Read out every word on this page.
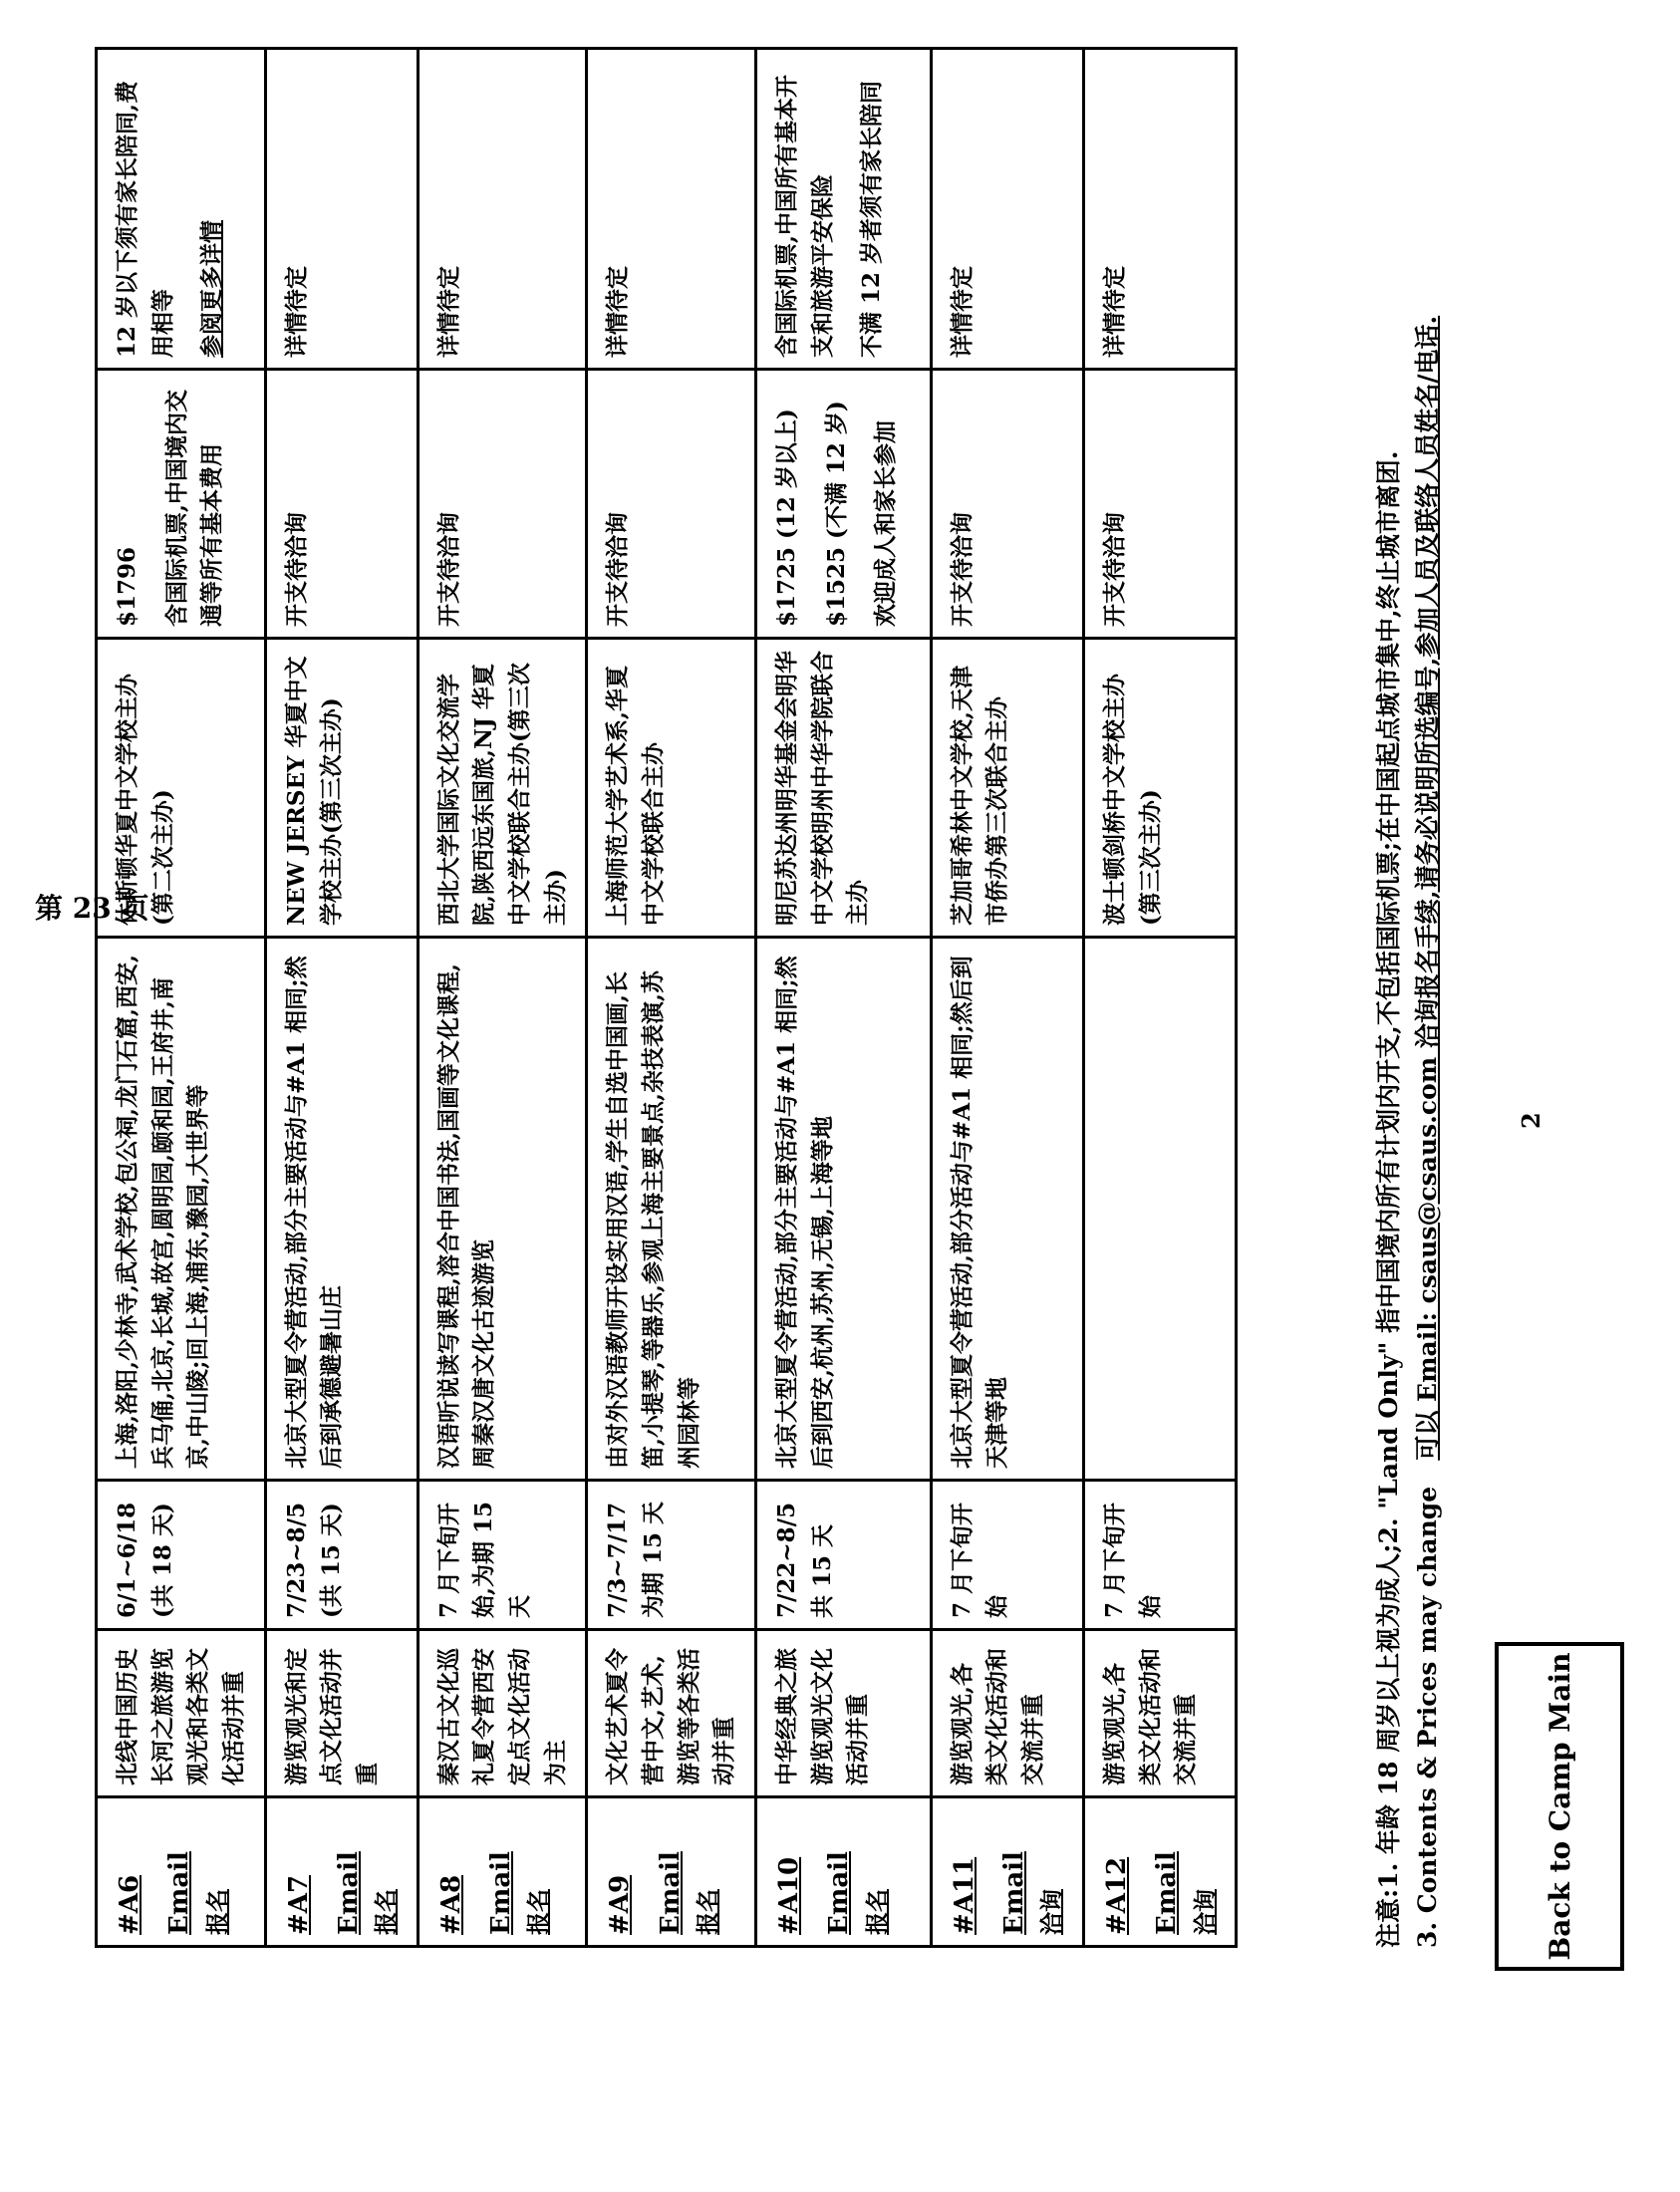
#A6 Email 报名	北线中国历史长河之旅游览观光和各类文化活动并重	6/1~6/18 (共 18 天)	上海,洛阳,少林寺,武术学校,包公祠,龙门石窟,西安,兵马俑,北京,长城,故宫,圆明园,颐和园,王府井,南京,中山陵;回上海,浦东,豫园,大世界等	休斯顿华夏中文学校主办(第二次主办)	$1796 含国际机票,中国境内交通等所有基本费用	12 岁以下须有家长陪同,费用相等 参阅更多详情

#A7 Email 报名	游览观光和定点文化活动并重	7/23~8/5 (共 15 天)	北京大型夏令营活动,部分主要活动与#A1 相同;然后到承德避暑山庄	NEW JERSEY 华夏中文学校主办(第三次主办)	开支待洽询	详情待定

#A8 Email 报名	秦汉古文化巡礼夏令营西安定点文化活动为主	7 月下旬开始,为期 15 天	汉语听说读写课程,溶合中国书法,国画等文化课程,周秦汉唐文化古迹游览	西北大学国际文化交流学院,陕西远东国旅,NJ 华夏中文学校联合主办(第三次主办)	开支待洽询	详情待定

#A9 Email 报名	文化艺术夏令营中文,艺术,游览等各类活动并重	7/3~7/17 为期 15 天	由对外汉语教师开设实用汉语,学生自选中国画,长笛,小提琴,等器乐,参观上海主要景点,杂技表演,苏州园林等	上海师范大学艺术系,华夏中文学校联合主办	开支待洽询	详情待定

#A10 Email 报名	中华经典之旅游览观光文化活动并重	7/22~8/5 共 15 天	北京大型夏令营活动,部分主要活动与#A1 相同;然后到西安,杭州,苏州,无锡,上海等地	明尼苏达州明华基金会明华中文学校明州中华学院联合主办	$1725 (12 岁以上) $1525 (不满 12 岁) 欢迎成人和家长参加	含国际机票,中国所有基本开支和旅游平安保险 不满 12 岁者须有家长陪同

#A11 Email 洽询	游览观光,各类文化活动和交流并重	7 月下旬开始	北京大型夏令营活动,部分活动与#A1 相同;然后到天津等地	芝加哥希林中文学校,天津市侨办第三次联合主办	开支待洽询	详情待定

#A12 Email 洽询	游览观光,各类文化活动和交流并重	7 月下旬开始		波士顿剑桥中文学校主办(第三次主办)	开支待洽询	详情待定
注意:1. 年龄 18 周岁以上视为成人;2. "Land Only" 指中国境内所有计划内开支,不包括国际机票;在中国起点城市集中,终止城市离团. 3. Contents & Prices may change   可以 Email: csaus@csaus.com 洽询报名手续,请务必说明所选编号,参加人员及联络人员姓名/电话.
Back to Camp Main
2
第 23 页
